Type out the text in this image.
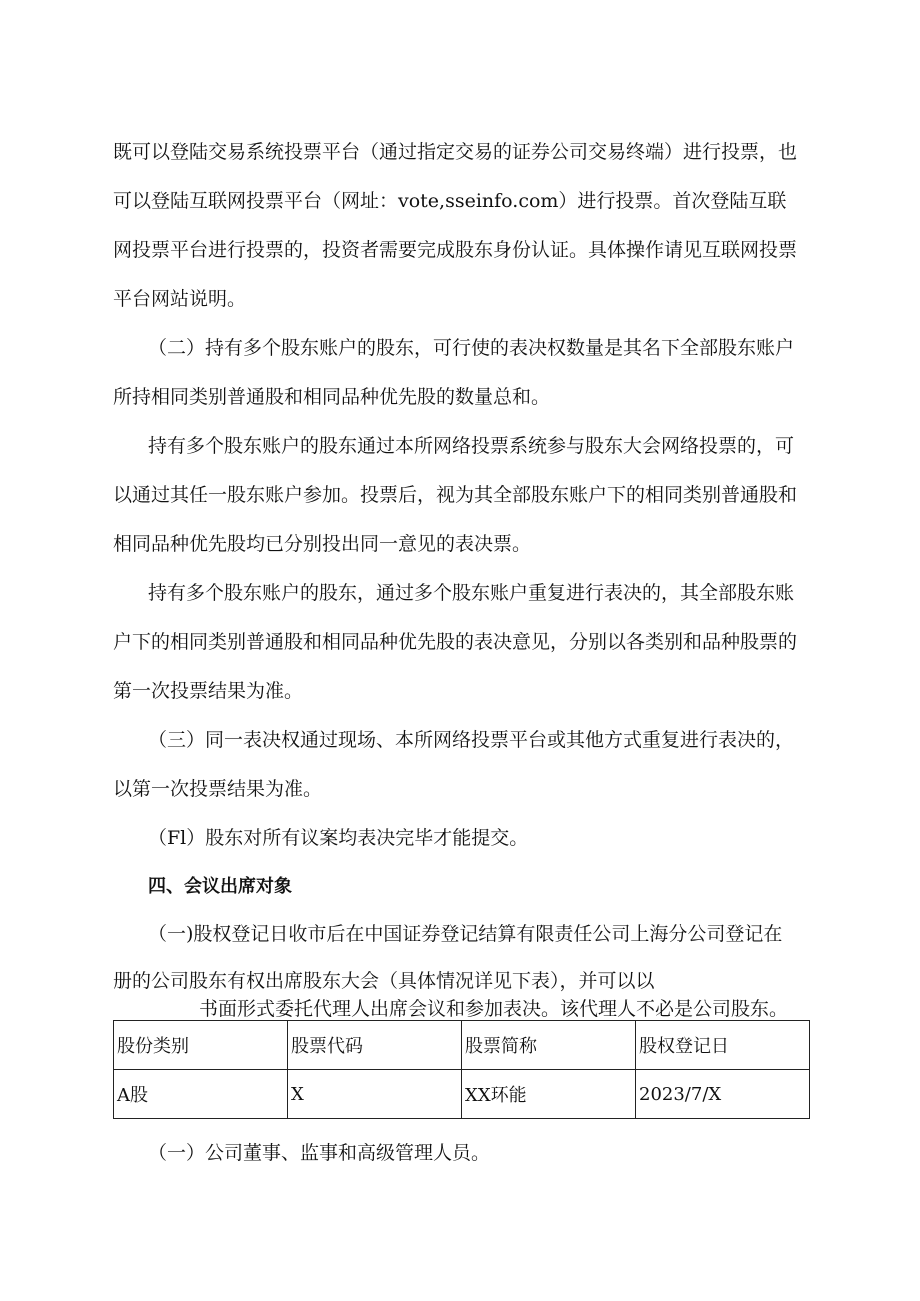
既可以登陆交易系统投票平台（通过指定交易的证券公司交易终端）进行投票，也
可以登陆互联网投票平台（网址：vote,sseinfo.com）进行投票。首次登陆互联
网投票平台进行投票的，投资者需要完成股东身份认证。具体操作请见互联网投票
平台网站说明。
（二）持有多个股东账户的股东，可行使的表决权数量是其名下全部股东账户
所持相同类别普通股和相同品种优先股的数量总和。
持有多个股东账户的股东通过本所网络投票系统参与股东大会网络投票的，可
以通过其任一股东账户参加。投票后，视为其全部股东账户下的相同类别普通股和
相同品种优先股均已分别投出同一意见的表决票。
持有多个股东账户的股东，通过多个股东账户重复进行表决的，其全部股东账
户下的相同类别普通股和相同品种优先股的表决意见，分别以各类别和品种股票的
第一次投票结果为准。
（三）同一表决权通过现场、本所网络投票平台或其他方式重复进行表决的，
以第一次投票结果为准。
（Fl）股东对所有议案均表决完毕才能提交。
四、会议出席对象
（一)股权登记日收市后在中国证券登记结算有限责任公司上海分公司登记在
册的公司股东有权出席股东大会（具体情况详见下表），并可以以
书面形式委托代理人出席会议和参加表决。该代理人不必是公司股东。
股份类别	股票代码	股票简称	股权登记日
A股	X	XX环能	2023/7/X
（一）公司董事、监事和高级管理人员。
